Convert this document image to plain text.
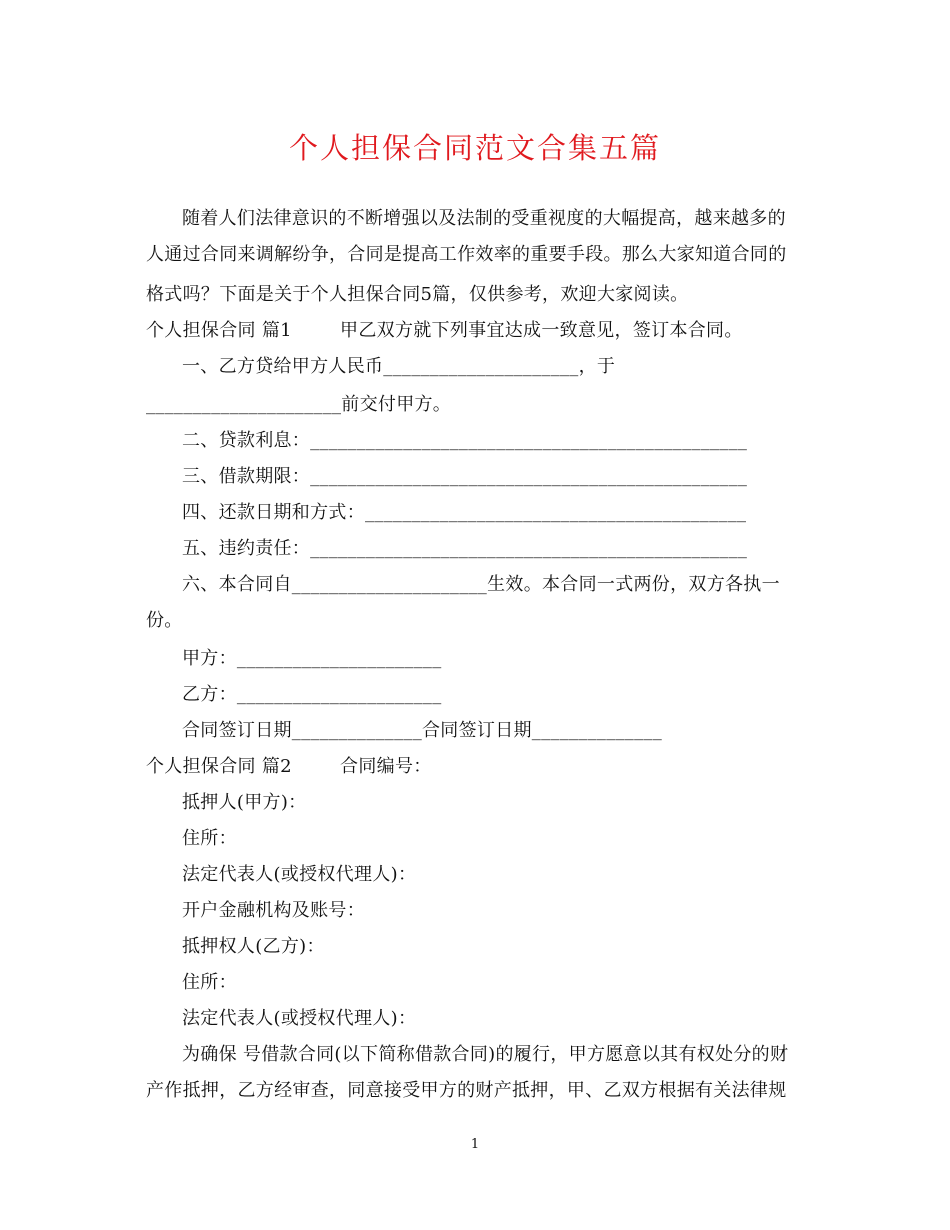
个人担保合同范文合集五篇
随着人们法律意识的不断增强以及法制的受重视度的大幅提高，越来越多的
人通过合同来调解纷争，合同是提高工作效率的重要手段。那么大家知道合同的
格式吗？下面是关于个人担保合同5篇，仅供参考，欢迎大家阅读。
个人担保合同 篇1        甲乙双方就下列事宜达成一致意见，签订本合同。
一、乙方贷给甲方人民币_____________________，于
_____________________前交付甲方。
二、贷款利息：_______________________________________________
三、借款期限：_______________________________________________
四、还款日期和方式：_________________________________________
五、违约责任：_______________________________________________
六、本合同自_____________________生效。本合同一式两份，双方各执一
份。
甲方：______________________
乙方：______________________
合同签订日期______________合同签订日期______________
个人担保合同 篇2        合同编号：
抵押人(甲方)：
住所：
法定代表人(或授权代理人)：
开户金融机构及账号：
抵押权人(乙方)：
住所：
法定代表人(或授权代理人)：
为确保 号借款合同(以下简称借款合同)的履行，甲方愿意以其有权处分的财
产作抵押，乙方经审查，同意接受甲方的财产抵押，甲、乙双方根据有关法律规
1
